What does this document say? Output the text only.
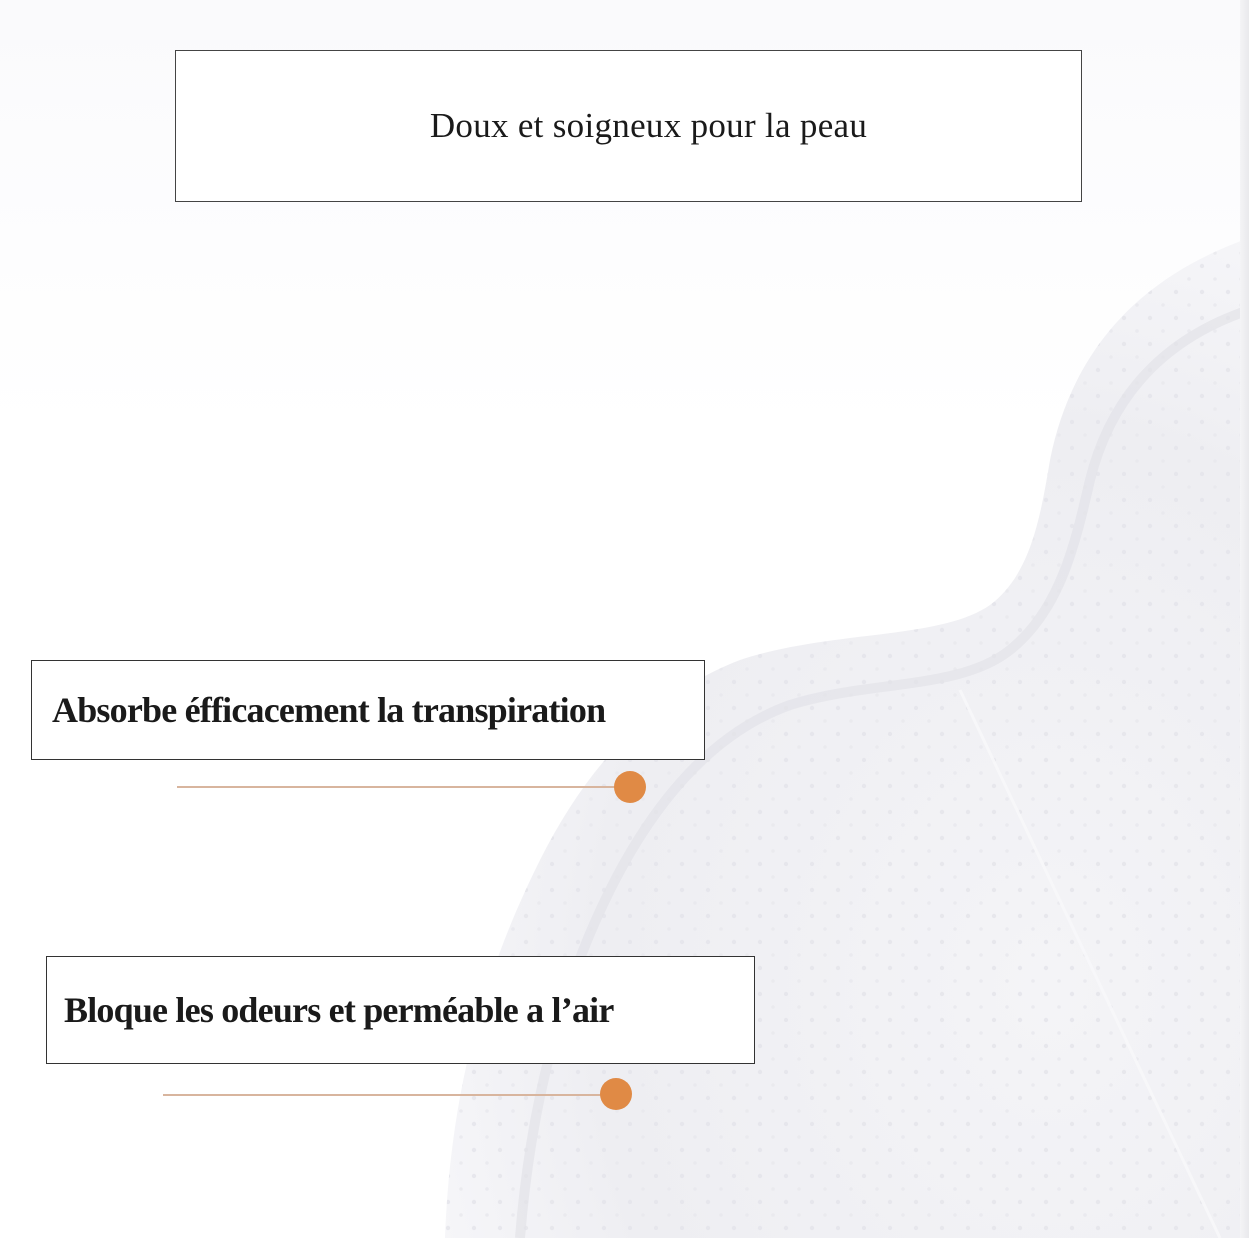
Doux et soigneux pour la peau
Absorbe éfficacement la transpiration
Bloque les odeurs et perméable a l’air
